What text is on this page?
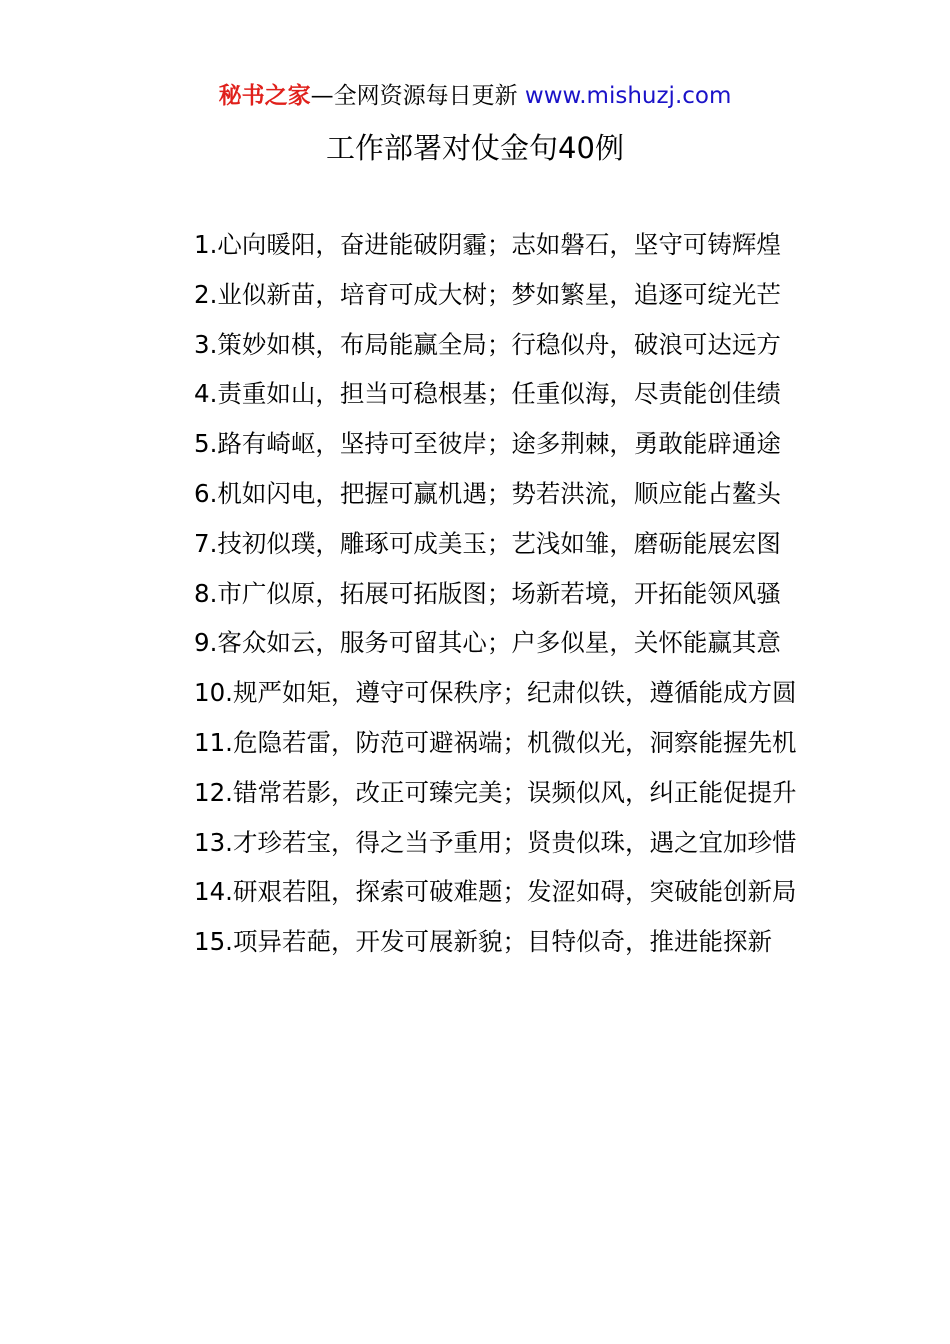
秘书之家—全网资源每日更新 www.mishuzj.com
工作部署对仗金句40例

1.心向暖阳，奋进能破阴霾；志如磐石，坚守可铸辉煌

2.业似新苗，培育可成大树；梦如繁星，追逐可绽光芒

3.策妙如棋，布局能赢全局；行稳似舟，破浪可达远方

4.责重如山，担当可稳根基；任重似海，尽责能创佳绩

5.路有崎岖，坚持可至彼岸；途多荆棘，勇敢能辟通途

6.机如闪电，把握可赢机遇；势若洪流，顺应能占鳌头

7.技初似璞，雕琢可成美玉；艺浅如雏，磨砺能展宏图

8.市广似原，拓展可拓版图；场新若境，开拓能领风骚

9.客众如云，服务可留其心；户多似星，关怀能赢其意

10.规严如矩，遵守可保秩序；纪肃似铁，遵循能成方圆

11.危隐若雷，防范可避祸端；机微似光，洞察能握先机

12.错常若影，改正可臻完美；误频似风，纠正能促提升

13.才珍若宝，得之当予重用；贤贵似珠，遇之宜加珍惜

14.研艰若阻，探索可破难题；发涩如碍，突破能创新局

15.项异若葩，开发可展新貌；目特似奇，推进能探新
